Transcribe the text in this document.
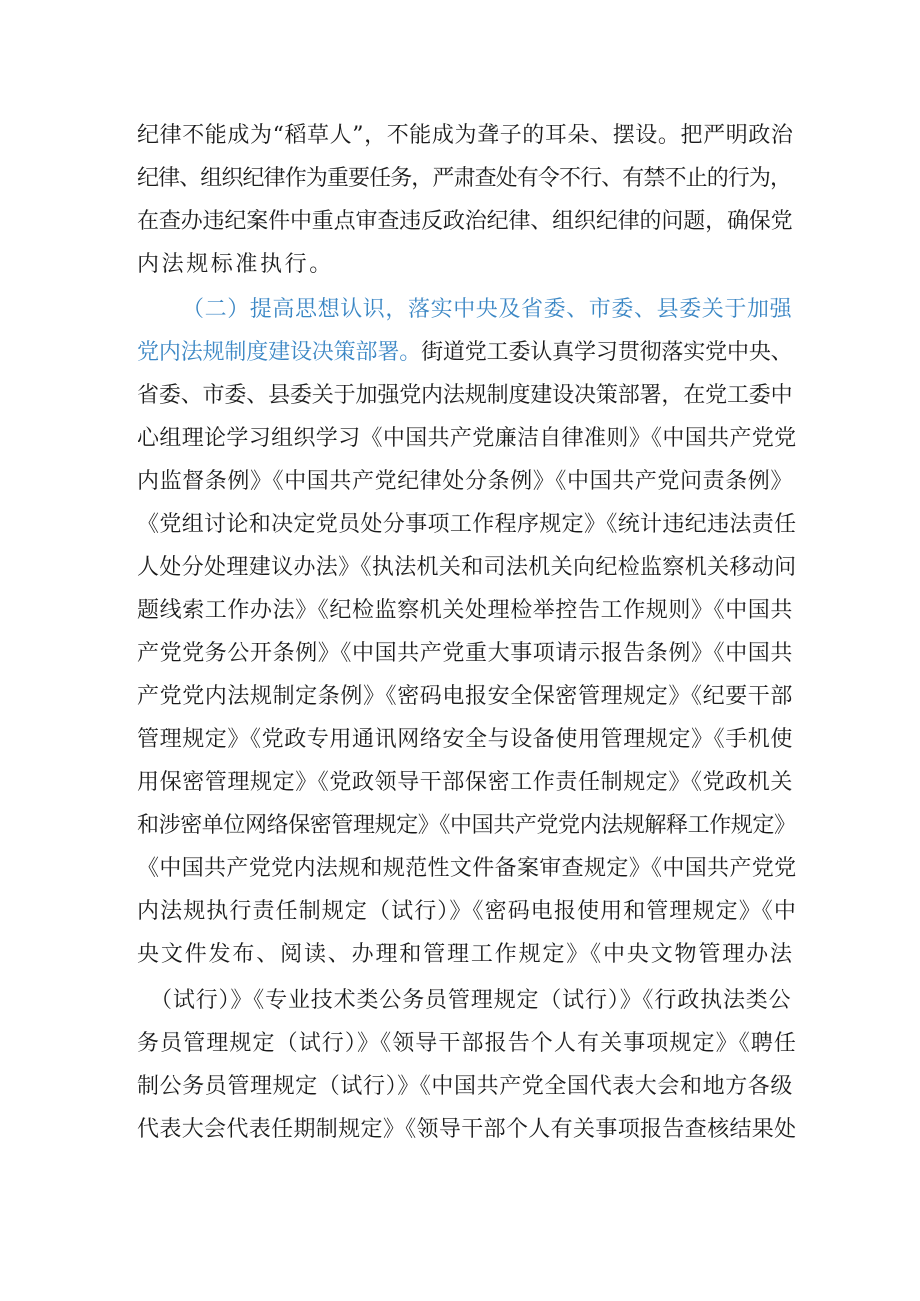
纪律不能成为“稻草人”，不能成为聋子的耳朵、摆设。把严明政治
纪律、组织纪律作为重要任务，严肃查处有令不行、有禁不止的行为，
在查办违纪案件中重点审查违反政治纪律、组织纪律的问题，确保党
内法规标准执行。
（二）提高思想认识，落实中央及省委、市委、县委关于加强
党内法规制度建设决策部署。街道党工委认真学习贯彻落实党中央、
省委、市委、县委关于加强党内法规制度建设决策部署，在党工委中
心组理论学习组织学习《中国共产党廉洁自律准则》《中国共产党党
内监督条例》《中国共产党纪律处分条例》《中国共产党问责条例》
《党组讨论和决定党员处分事项工作程序规定》《统计违纪违法责任
人处分处理建议办法》《执法机关和司法机关向纪检监察机关移动问
题线索工作办法》《纪检监察机关处理检举控告工作规则》《中国共
产党党务公开条例》《中国共产党重大事项请示报告条例》《中国共
产党党内法规制定条例》《密码电报安全保密管理规定》《纪要干部
管理规定》《党政专用通讯网络安全与设备使用管理规定》《手机使
用保密管理规定》《党政领导干部保密工作责任制规定》《党政机关
和涉密单位网络保密管理规定》《中国共产党党内法规解释工作规定》
《中国共产党党内法规和规范性文件备案审查规定》《中国共产党党
内法规执行责任制规定（试行）》《密码电报使用和管理规定》《中
央文件发布、阅读、办理和管理工作规定》《中央文物管理办法
（试行）》《专业技术类公务员管理规定（试行）》《行政执法类公
务员管理规定（试行）》《领导干部报告个人有关事项规定》《聘任
制公务员管理规定（试行）》《中国共产党全国代表大会和地方各级
代表大会代表任期制规定》《领导干部个人有关事项报告查核结果处
